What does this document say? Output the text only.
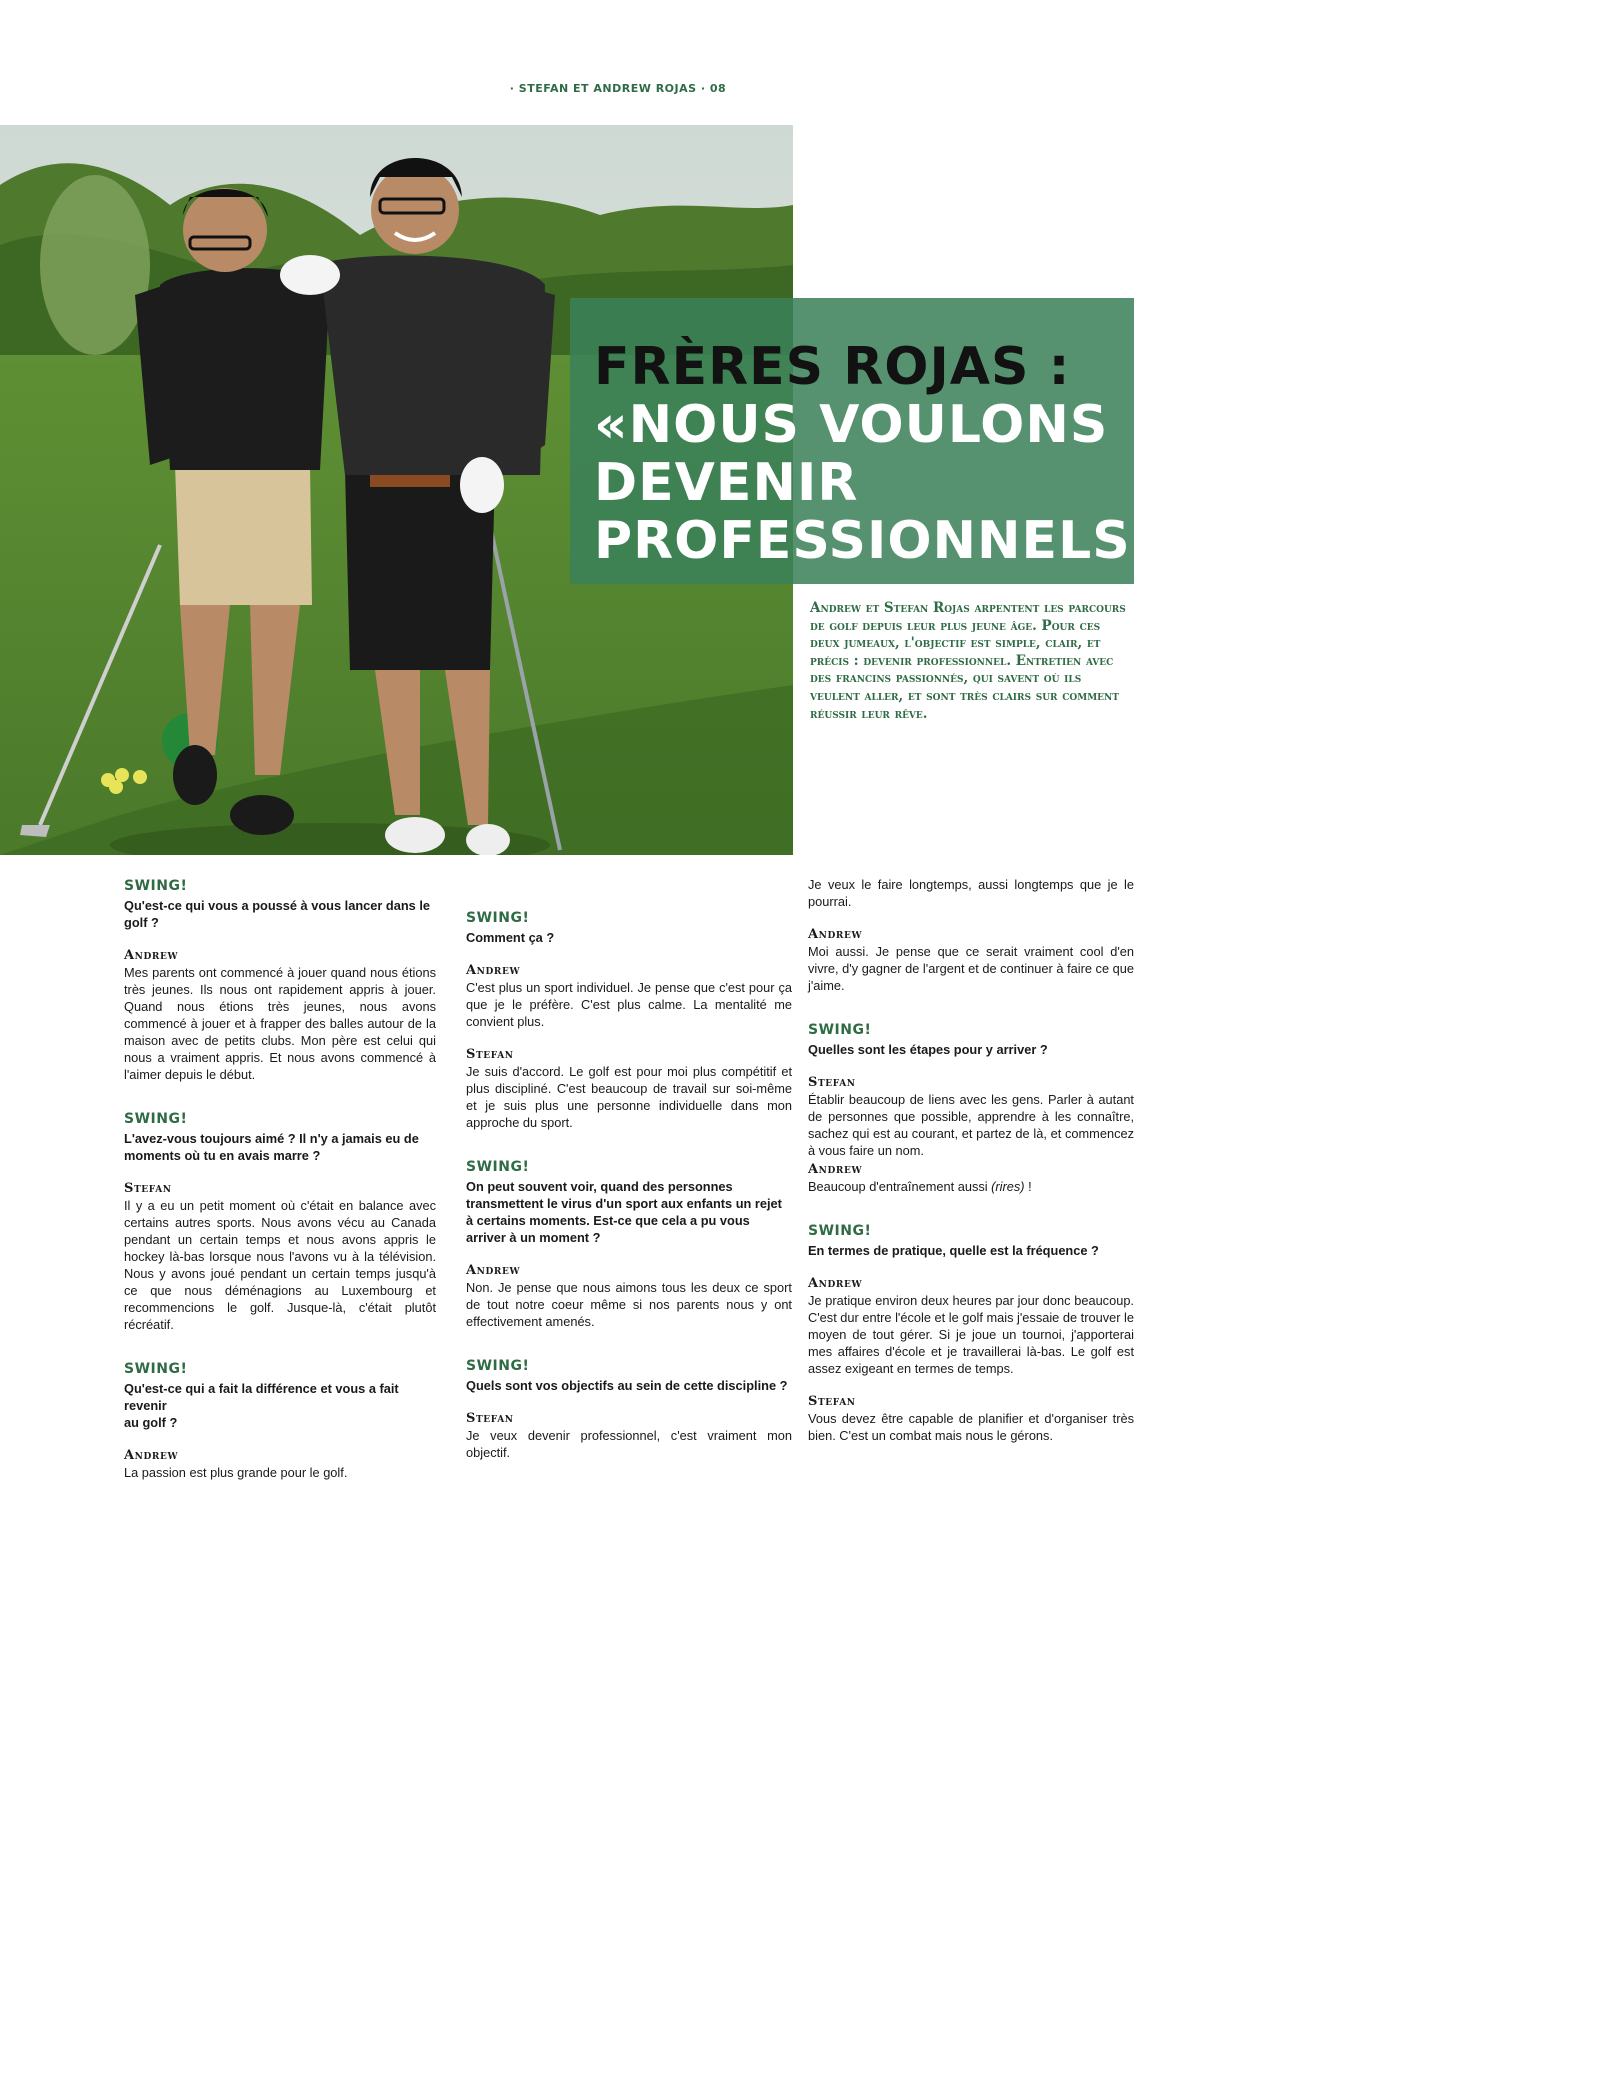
· STEFAN ET ANDREW ROJAS · 08
FRÈRES ROJAS :
«NOUS VOULONS DEVENIR PROFESSIONNELS»

Andrew et Stefan Rojas arpentent les parcours de golf depuis leur plus jeune âge. Pour ces deux jumeaux, l'objectif est simple, clair, et précis : devenir professionnel. Entretien avec des francins passionnés, qui savent où ils veulent aller, et sont très clairs sur comment réussir leur rêve.

SWING!

Qu'est-ce qui vous a poussé à vous lancer dans le golf ?

Andrew

Mes parents ont commencé à jouer quand nous étions très jeunes. Ils nous ont rapidement appris à jouer. Quand nous étions très jeunes, nous avons commencé à jouer et à frapper des balles autour de la maison avec de petits clubs. Mon père est celui qui nous a vraiment appris. Et nous avons commencé à l'aimer depuis le début.

SWING!

L'avez-vous toujours aimé ? Il n'y a jamais eu de moments où tu en avais marre ?

Stefan

Il y a eu un petit moment où c'était en balance avec certains autres sports. Nous avons vécu au Canada pendant un certain temps et nous avons appris le hockey là-bas lorsque nous l'avons vu à la télévision. Nous y avons joué pendant un certain temps jusqu'à ce que nous déménagions au Luxembourg et recommencions le golf. Jusque-là, c'était plutôt récréatif.

SWING!

Qu'est-ce qui a fait la différence et vous a fait revenir
au golf ?

Andrew

La passion est plus grande pour le golf.

SWING!

Comment ça ?

Andrew

C'est plus un sport individuel. Je pense que c'est pour ça que je le préfère. C'est plus calme. La mentalité me convient plus.

Stefan

Je suis d'accord. Le golf est pour moi plus compétitif et plus discipliné. C'est beaucoup de travail sur soi-même et je suis plus une personne individuelle dans mon approche du sport.

SWING!

On peut souvent voir, quand des personnes transmettent le virus d'un sport aux enfants un rejet à certains moments. Est-ce que cela a pu vous arriver à un moment ?

Andrew

Non. Je pense que nous aimons tous les deux ce sport de tout notre coeur même si nos parents nous y ont effectivement amenés.

SWING!

Quels sont vos objectifs au sein de cette discipline ?

Stefan

Je veux devenir professionnel, c'est vraiment mon objectif.

Je veux le faire longtemps, aussi longtemps que je le pourrai.

Andrew

Moi aussi. Je pense que ce serait vraiment cool d'en vivre, d'y gagner de l'argent et de continuer à faire ce que j'aime.

SWING!

Quelles sont les étapes pour y arriver ?

Stefan

Établir beaucoup de liens avec les gens. Parler à autant de personnes que possible, apprendre à les connaître, sachez qui est au courant, et partez de là, et commencez à vous faire un nom.

Andrew

Beaucoup d'entraînement aussi (rires) !

SWING!

En termes de pratique, quelle est la fréquence ?

Andrew

Je pratique environ deux heures par jour donc beaucoup. C'est dur entre l'école et le golf mais j'essaie de trouver le moyen de tout gérer. Si je joue un tournoi, j'apporterai mes affaires d'école et je travaillerai là-bas. Le golf est assez exigeant en termes de temps.

Stefan

Vous devez être capable de planifier et d'organiser très bien. C'est un combat mais nous le gérons.
